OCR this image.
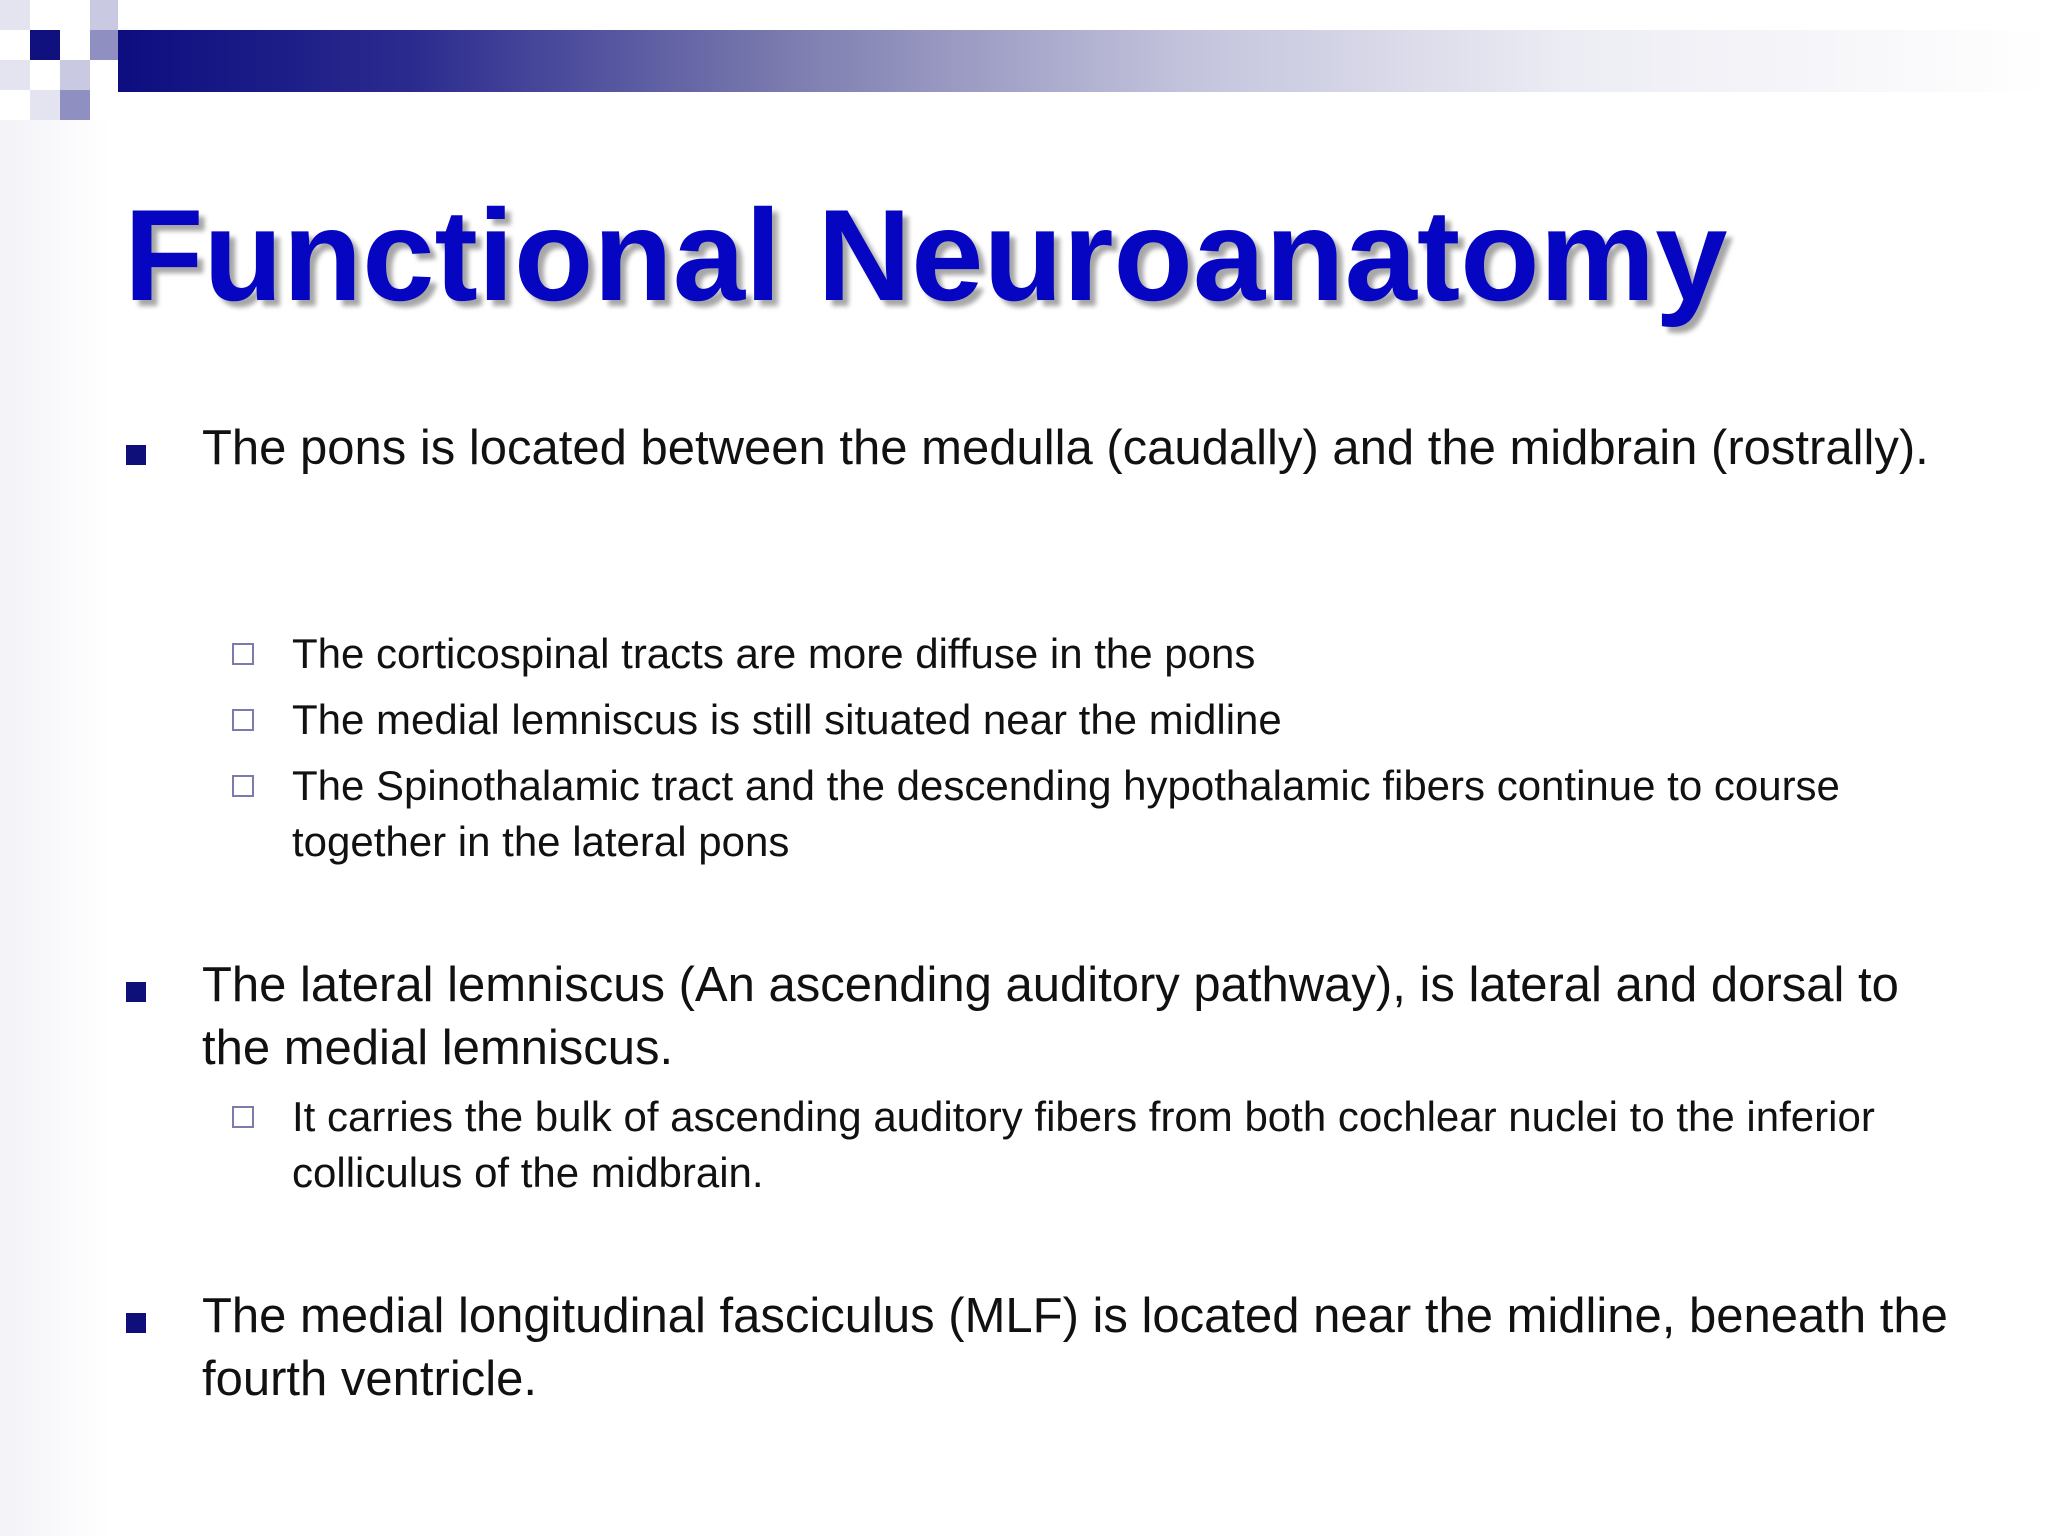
Functional Neuroanatomy

The pons is located between the medulla (caudally) and the midbrain (rostrally).

The corticospinal tracts are more diffuse in the pons

The medial lemniscus is still situated near the midline

The Spinothalamic tract and the descending hypothalamic fibers continue to course together in the lateral pons

The lateral lemniscus (An ascending auditory pathway), is lateral and dorsal to the medial lemniscus.

It carries the bulk of ascending auditory fibers from both cochlear nuclei to the inferior colliculus of the midbrain.

The medial longitudinal fasciculus (MLF) is located near the midline, beneath the fourth ventricle.
